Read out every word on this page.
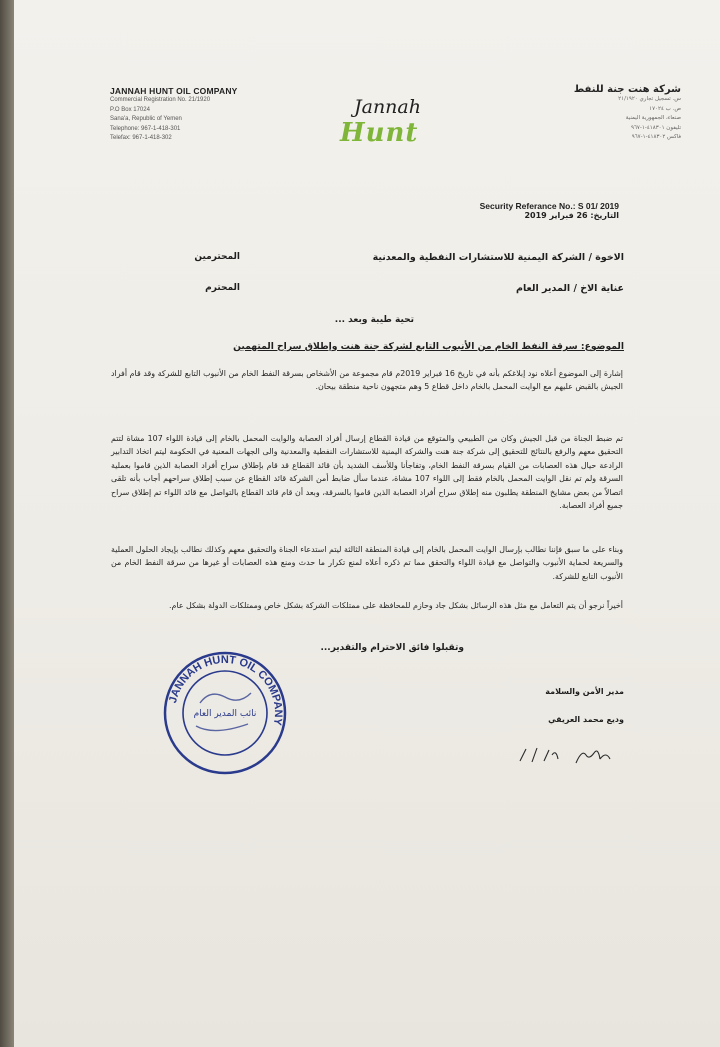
JANNAH HUNT OIL COMPANY
Commercial Registration No. 21/1920
P.O Box 17024
Sana'a, Republic of Yemen
Telephone: 967-1-418-301
Telefax: 967-1-418-302
Jannah
Hunt
شركة هنت جنة للنفط
س. تسجيل تجاري ٢١/١٩٢٠
ص. ب ١٧٠٢٤
صنعاء، الجمهورية اليمنية
تليفون ٤١٨٣٠١-١-٩٦٧
فاكس ٤١٨٣٠٢-١-٩٦٧
Security Referance No.: S 01/ 2019
التاريخ: 26 فبراير 2019
الاخوة / الشركة اليمنية للاستشارات النفطية والمعدنية
المحترمين
عناية الاخ / المدير العام
المحترم
تحية طيبة وبعد ...
الموضوع: سرقة النفط الخام من الأنبوب التابع لشركة جنة هنت وإطلاق سراح المتهمين
إشارة إلى الموضوع أعلاه نود إبلاغكم بأنه في تاريخ 16 فبراير 2019م قام مجموعة من الأشخاص بسرقة النفط الخام من الأنبوب التابع للشركة وقد قام أفراد الجيش بالقبض عليهم مع الوايت المحمل بالخام داخل قطاع 5 وهم متجهون ناحية منطقة بيحان.
تم ضبط الجناة من قبل الجيش وكان من الطبيعي والمتوقع من قيادة القطاع إرسال أفراد العصابة والوايت المحمل بالخام إلى قيادة اللواء 107 مشاة لتتم التحقيق معهم والرفع بالنتائج للتحقيق إلى شركة جنة هنت والشركة اليمنية للاستشارات النفطية والمعدنية والى الجهات المعنية في الحكومة ليتم اتخاذ التدابير الرادعة حيال هذه العصابات من القيام بسرقة النفط الخام، وتفاجأنا وللأسف الشديد بأن قائد القطاع قد قام بإطلاق سراح أفراد العصابة الذين قاموا بعملية السرقة ولم تم نقل الوايت المحمل بالخام فقط إلى اللواء 107 مشاة، عندما سأل ضابط أمن الشركة قائد القطاع عن سبب إطلاق سراحهم أجاب بأنه تلقى اتصالاً من بعض مشايخ المنطقة يطلبون منه إطلاق سراح أفراد العصابة الذين قاموا بالسرقة، وبعد أن قام قائد القطاع بالتواصل مع قائد اللواء تم إطلاق سراح جميع أفراد العصابة.
وبناء على ما سبق فإننا نطالب بإرسال الوايت المحمل بالخام إلى قيادة المنطقة الثالثة ليتم استدعاء الجناة والتحقيق معهم وكذلك نطالب بإيجاد الحلول العملية والسريعة لحماية الأنبوب والتواصل مع قيادة اللواء والتحقق مما تم ذكره أعلاه لمنع تكرار ما حدث ومنع هذه العصابات أو غيرها من سرقة النفط الخام من الأنبوب التابع للشركة.
أخيراً نرجو أن يتم التعامل مع مثل هذه الرسائل بشكل جاد وحازم للمحافظة على ممتلكات الشركة بشكل خاص وممتلكات الدولة بشكل عام.
وتقبلوا فائق الاحترام والتقدير...
مدير الأمن والسلامة
وديع محمد العريقي
JANNAH HUNT OIL COMPANY
نائب المدير العام
